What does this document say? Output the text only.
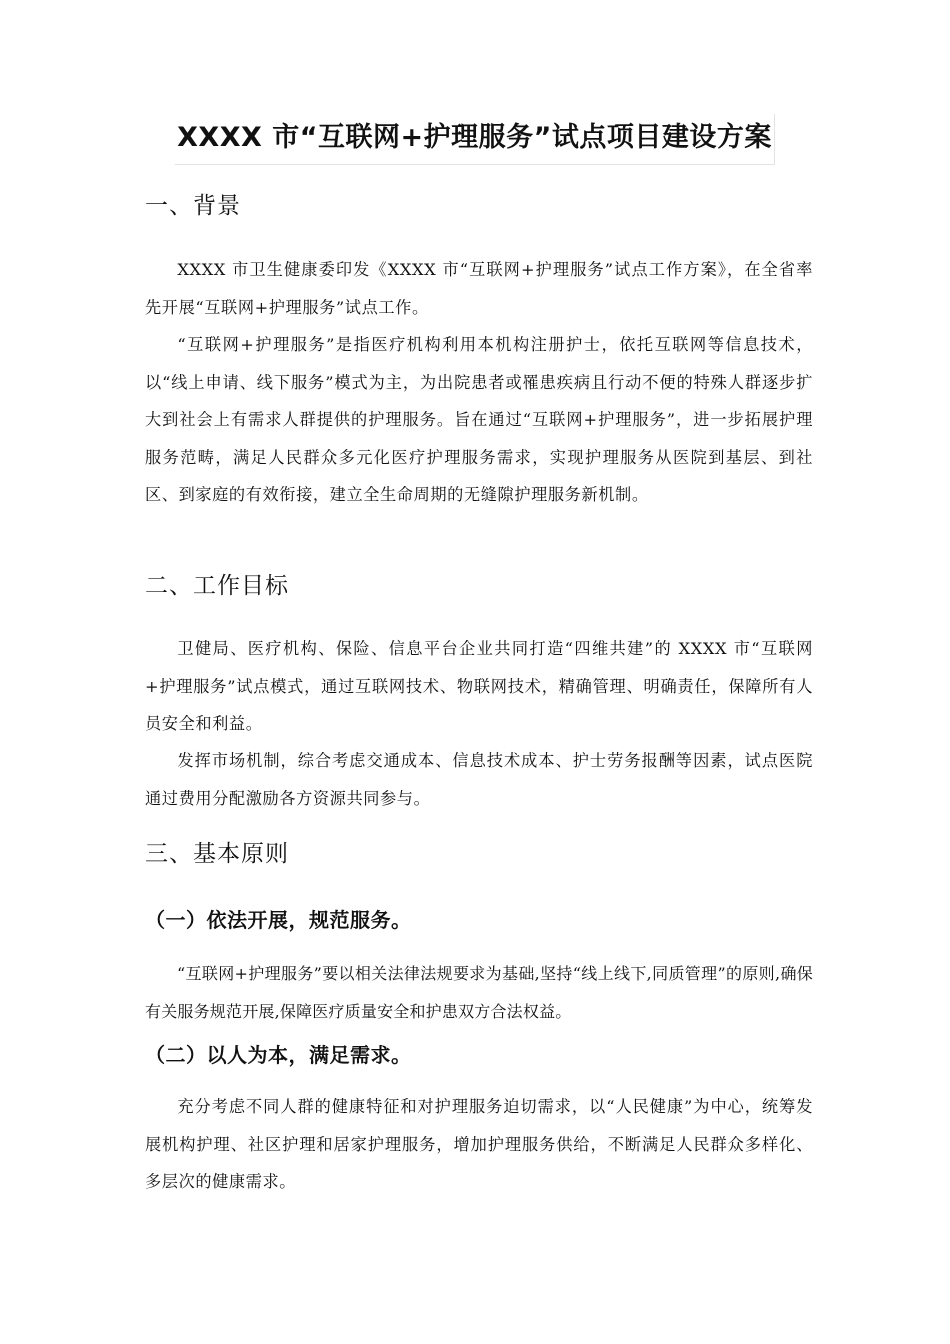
XXXX 市“互联网+护理服务”试点项目建设方案
一、背景

XXXX 市卫生健康委印发《XXXX 市“互联网+护理服务”试点工作方案》，在全省率先开展“互联网+护理服务”试点工作。

“互联网+护理服务”是指医疗机构利用本机构注册护士，依托互联网等信息技术，以“线上申请、线下服务”模式为主，为出院患者或罹患疾病且行动不便的特殊人群逐步扩大到社会上有需求人群提供的护理服务。旨在通过“互联网+护理服务”，进一步拓展护理服务范畴，满足人民群众多元化医疗护理服务需求，实现护理服务从医院到基层、到社区、到家庭的有效衔接，建立全生命周期的无缝隙护理服务新机制。

二、工作目标

卫健局、医疗机构、保险、信息平台企业共同打造“四维共建”的 XXXX 市“互联网+护理服务”试点模式，通过互联网技术、物联网技术，精确管理、明确责任，保障所有人员安全和利益。

发挥市场机制，综合考虑交通成本、信息技术成本、护士劳务报酬等因素，试点医院通过费用分配激励各方资源共同参与。

三、基本原则
（一）依法开展，规范服务。

“互联网+护理服务”要以相关法律法规要求为基础,坚持“线上线下,同质管理”的原则,确保有关服务规范开展,保障医疗质量安全和护患双方合法权益。

（二）以人为本，满足需求。

充分考虑不同人群的健康特征和对护理服务迫切需求，以“人民健康”为中心，统筹发展机构护理、社区护理和居家护理服务，增加护理服务供给，不断满足人民群众多样化、多层次的健康需求。
